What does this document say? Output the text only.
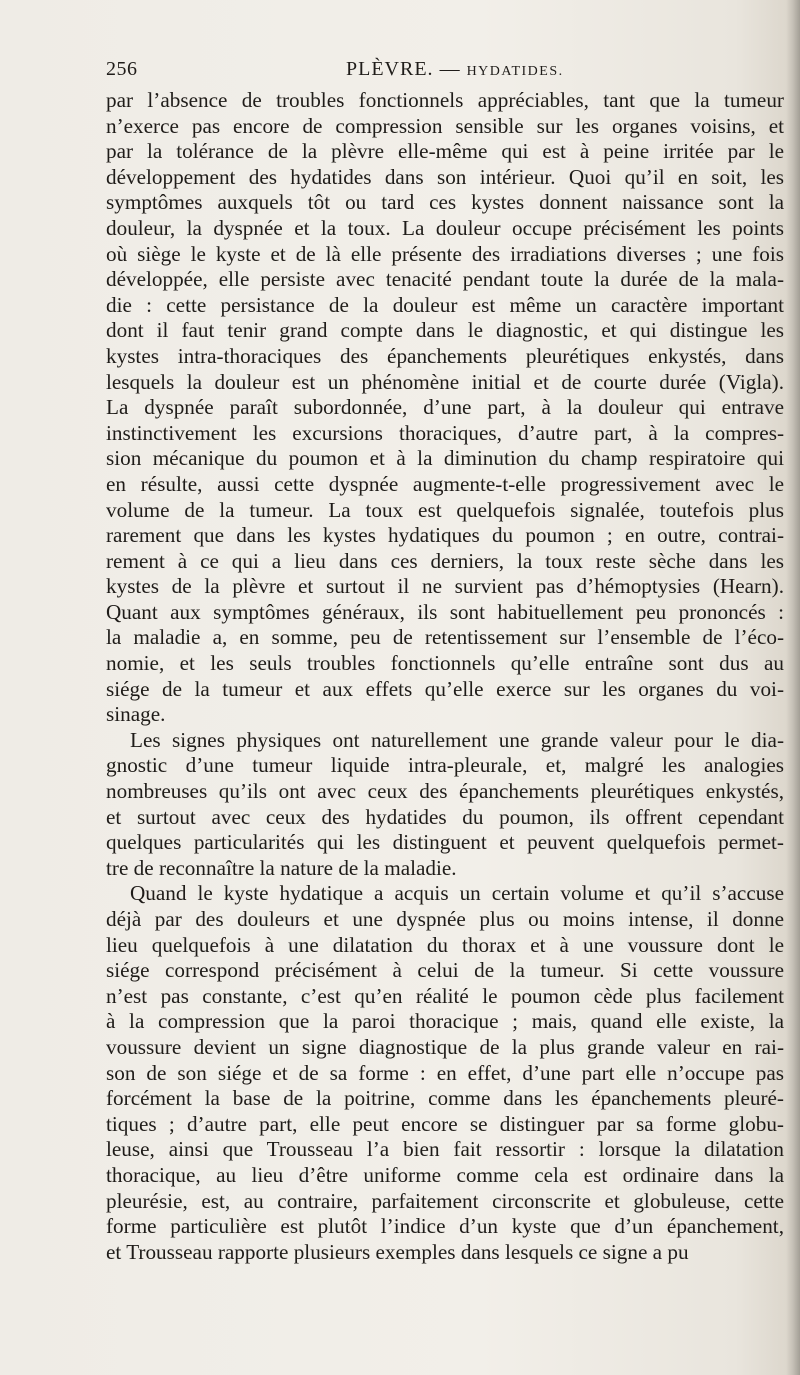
256	PLÈVRE. — HYDATIDES.
par l’absence de troubles fonctionnels appréciables, tant que la tumeur
n’exerce pas encore de compression sensible sur les organes voisins, et
par la tolérance de la plèvre elle-même qui est à peine irritée par le
développement des hydatides dans son intérieur. Quoi qu’il en soit, les
symptômes auxquels tôt ou tard ces kystes donnent naissance sont la
douleur, la dyspnée et la toux. La douleur occupe précisément les points
où siège le kyste et de là elle présente des irradiations diverses ; une fois
développée, elle persiste avec tenacité pendant toute la durée de la mala-
die : cette persistance de la douleur est même un caractère important
dont il faut tenir grand compte dans le diagnostic, et qui distingue les
kystes intra-thoraciques des épanchements pleurétiques enkystés, dans
lesquels la douleur est un phénomène initial et de courte durée (Vigla).
La dyspnée paraît subordonnée, d’une part, à la douleur qui entrave
instinctivement les excursions thoraciques, d’autre part, à la compres-
sion mécanique du poumon et à la diminution du champ respiratoire qui
en résulte, aussi cette dyspnée augmente-t-elle progressivement avec le
volume de la tumeur. La toux est quelquefois signalée, toutefois plus
rarement que dans les kystes hydatiques du poumon ; en outre, contrai-
rement à ce qui a lieu dans ces derniers, la toux reste sèche dans les
kystes de la plèvre et surtout il ne survient pas d’hémoptysies (Hearn).
Quant aux symptômes généraux, ils sont habituellement peu prononcés :
la maladie a, en somme, peu de retentissement sur l’ensemble de l’éco-
nomie, et les seuls troubles fonctionnels qu’elle entraîne sont dus au
siége de la tumeur et aux effets qu’elle exerce sur les organes du voi-
sinage.
Les signes physiques ont naturellement une grande valeur pour le dia-
gnostic d’une tumeur liquide intra-pleurale, et, malgré les analogies
nombreuses qu’ils ont avec ceux des épanchements pleurétiques enkystés,
et surtout avec ceux des hydatides du poumon, ils offrent cependant
quelques particularités qui les distinguent et peuvent quelquefois permet-
tre de reconnaître la nature de la maladie.
Quand le kyste hydatique a acquis un certain volume et qu’il s’accuse
déjà par des douleurs et une dyspnée plus ou moins intense, il donne
lieu quelquefois à une dilatation du thorax et à une voussure dont le
siége correspond précisément à celui de la tumeur. Si cette voussure
n’est pas constante, c’est qu’en réalité le poumon cède plus facilement
à la compression que la paroi thoracique ; mais, quand elle existe, la
voussure devient un signe diagnostique de la plus grande valeur en rai-
son de son siége et de sa forme : en effet, d’une part elle n’occupe pas
forcément la base de la poitrine, comme dans les épanchements pleuré-
tiques ; d’autre part, elle peut encore se distinguer par sa forme globu-
leuse, ainsi que Trousseau l’a bien fait ressortir : lorsque la dilatation
thoracique, au lieu d’être uniforme comme cela est ordinaire dans la
pleurésie, est, au contraire, parfaitement circonscrite et globuleuse, cette
forme particulière est plutôt l’indice d’un kyste que d’un épanchement,
et Trousseau rapporte plusieurs exemples dans lesquels ce signe a pu
